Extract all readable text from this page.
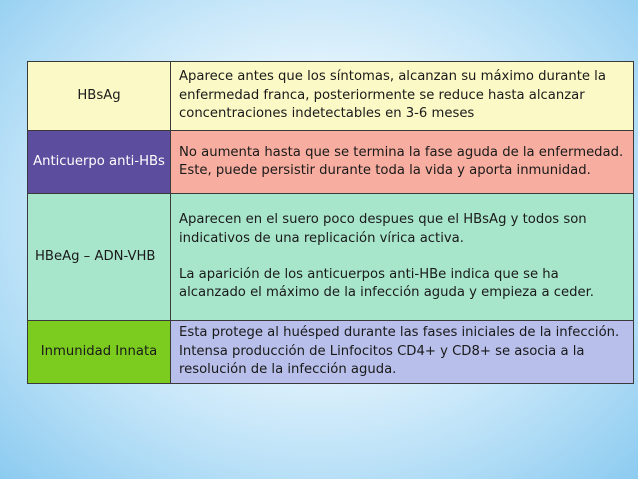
HBsAg	Aparece antes que los síntomas, alcanzan su máximo durante la enfermedad franca, posteriormente se reduce hasta alcanzar concentraciones indetectables en 3-6 meses
Anticuerpo anti-HBs	No aumenta hasta que se termina la fase aguda de la enfermedad. Este, puede persistir durante toda la vida y aporta inmunidad.
HBeAg – ADN-VHB	Aparecen en el suero poco despues que el HBsAg y todos son indicativos de una replicación vírica activa.
La aparición de los anticuerpos anti-HBe indica que se ha alcanzado el máximo de la infección aguda y empieza a ceder.

Inmunidad Innata	Esta protege al huésped durante las fases iniciales de la infección. Intensa producción de Linfocitos CD4+ y CD8+ se asocia a la resolución de la infección aguda.
